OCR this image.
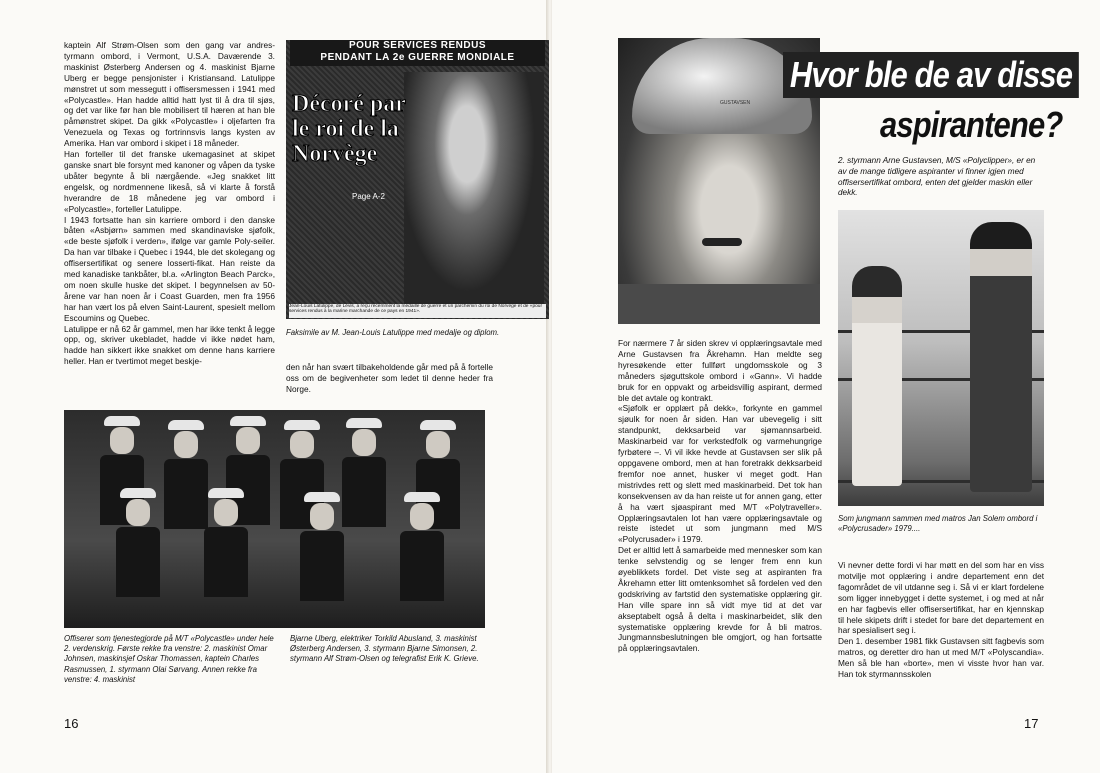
kaptein Alf Strøm-Olsen som den gang var andres-tyrmann ombord, i Vermont, U.S.A. Daværende 3. maskinist Østerberg Andersen og 4. maskinist Bjarne Uberg er begge pensjonister i Kristiansand. Latulippe mønstret ut som messegutt i offisersmessen i 1941 med «Polycastle». Han hadde alltid hatt lyst til å dra til sjøs, og det var like før han ble mobilisert til hæren at han ble påmønstret skipet. Da gikk «Polycastle» i oljefarten fra Venezuela og Texas og fortrinnsvis langs kysten av Amerika. Han var ombord i skipet i 18 måneder.

Han forteller til det franske ukemagasinet at skipet ganske snart ble forsynt med kanoner og våpen da tyske ubåter begynte å bli nærgående. «Jeg snakket litt engelsk, og nordmennene likeså, så vi klarte å forstå hverandre de 18 månedene jeg var ombord i «Polycastle», forteller Latulippe.

I 1943 fortsatte han sin karriere ombord i den danske båten «Asbjørn» sammen med skandinaviske sjøfolk, «de beste sjøfolk i verden», ifølge var gamle Poly-seiler. Da han var tilbake i Quebec i 1944, ble det skolegang og offisersertifikat og senere losserti-fikat. Han reiste da med kanadiske tankbåter, bl.a. «Arlington Beach Parck», om noen skulle huske det skipet. I begynnelsen av 50-årene var han noen år i Coast Guarden, men fra 1956 har han vært los på elven Saint-Laurent, spesielt mellom Escoumins og Quebec.

Latulippe er nå 62 år gammel, men har ikke tenkt å legge opp, og, skriver ukebladet, hadde vi ikke nødet ham, hadde han sikkert ikke snakket om denne hans karriere heller. Han er tvertimot meget beskje-

POUR SERVICES RENDUS
PENDANT LA 2e GUERRE MONDIALE
Décoré par le roi de la Norvège
Page A-2
Jean-Louis Latulippe, de Lévis, a reçu récemment la médaille de guerre et un parchemin du roi de Norvège et de «pour services rendus à la marine marchande de ce pays en 1941».
Faksimile av M. Jean-Louis Latulippe med medalje og diplom.

den når han svært tilbakeholdende går med på å fortelle oss om de begivenheter som ledet til denne heder fra Norge.

Offiserer som tjenestegjorde på M/T «Polycastle» under hele 2. verdenskrig. Første rekke fra venstre: 2. maskinist Omar Johnsen, maskinsjef Oskar Thomassen, kaptein Charles Rasmussen, 1. styrmann Olai Sørvang. Annen rekke fra venstre: 4. maskinist
Bjarne Uberg, elektriker Torkild Abusland, 3. maskinist Østerberg Andersen, 3. styrmann Bjarne Simonsen, 2. styrmann Alf Strøm-Olsen og telegrafist Erik K. Grieve.
16
GUSTAVSEN
Hvor ble de av disse
aspirantene?
2. styrmann Arne Gustavsen, M/S «Polyclipper», er en av de mange tidligere aspiranter vi finner igjen med offisersertifikat ombord, enten det gjelder maskin eller dekk.
Som jungmann sammen med matros Jan Solem ombord i «Polycrusader» 1979....

For nærmere 7 år siden skrev vi opplæringsavtale med Arne Gustavsen fra Åkrehamn. Han meldte seg hyresøkende etter fullført ungdomsskole og 3 måneders sjøguttskole ombord i «Gann». Vi hadde bruk for en oppvakt og arbeidsvillig aspirant, dermed ble det avtale og kontrakt.

«Sjøfolk er opplært på dekk», forkynte en gammel sjøulk for noen år siden. Han var ubevegelig i sitt standpunkt, dekksarbeid var sjømannsarbeid. Maskinarbeid var for verkstedfolk og varmehungrige fyrbøtere –. Vi vil ikke hevde at Gustavsen ser slik på oppgavene ombord, men at han foretrakk dekksarbeid fremfor noe annet, husker vi meget godt. Han mistrivdes rett og slett med maskinarbeid. Det tok han konsekvensen av da han reiste ut for annen gang, etter å ha vært sjøaspirant med M/T «Polytraveller». Opplæringsavtalen lot han være opplæringsavtale og reiste istedet ut som jungmann med M/S «Polycrusader» i 1979.

Det er alltid lett å samarbeide med mennesker som kan tenke selvstendig og se lenger frem enn kun øyeblikkets fordel. Det viste seg at aspiranten fra Åkrehamn etter litt omtenksomhet så fordelen ved den godskriving av fartstid den systematiske opplæring gir. Han ville spare inn så vidt mye tid at det var akseptabelt også å delta i maskinarbeidet, slik den systematiske opplæring krevde for å bli matros. Jungmannsbeslutningen ble omgjort, og han fortsatte på opplæringsavtalen.

Vi nevner dette fordi vi har møtt en del som har en viss motvilje mot opplæring i andre departement enn det fagområdet de vil utdanne seg i. Så vi er klart fordelene som ligger innebygget i dette systemet, i og med at når en har fagbevis eller offisersertifikat, har en kjennskap til hele skipets drift i stedet for bare det departement en har spesialisert seg i.

Den 1. desember 1981 fikk Gustavsen sitt fagbevis som matros, og deretter dro han ut med M/T «Polyscandia». Men så ble han «borte», men vi visste hvor han var. Han tok styrmannsskolen

17
